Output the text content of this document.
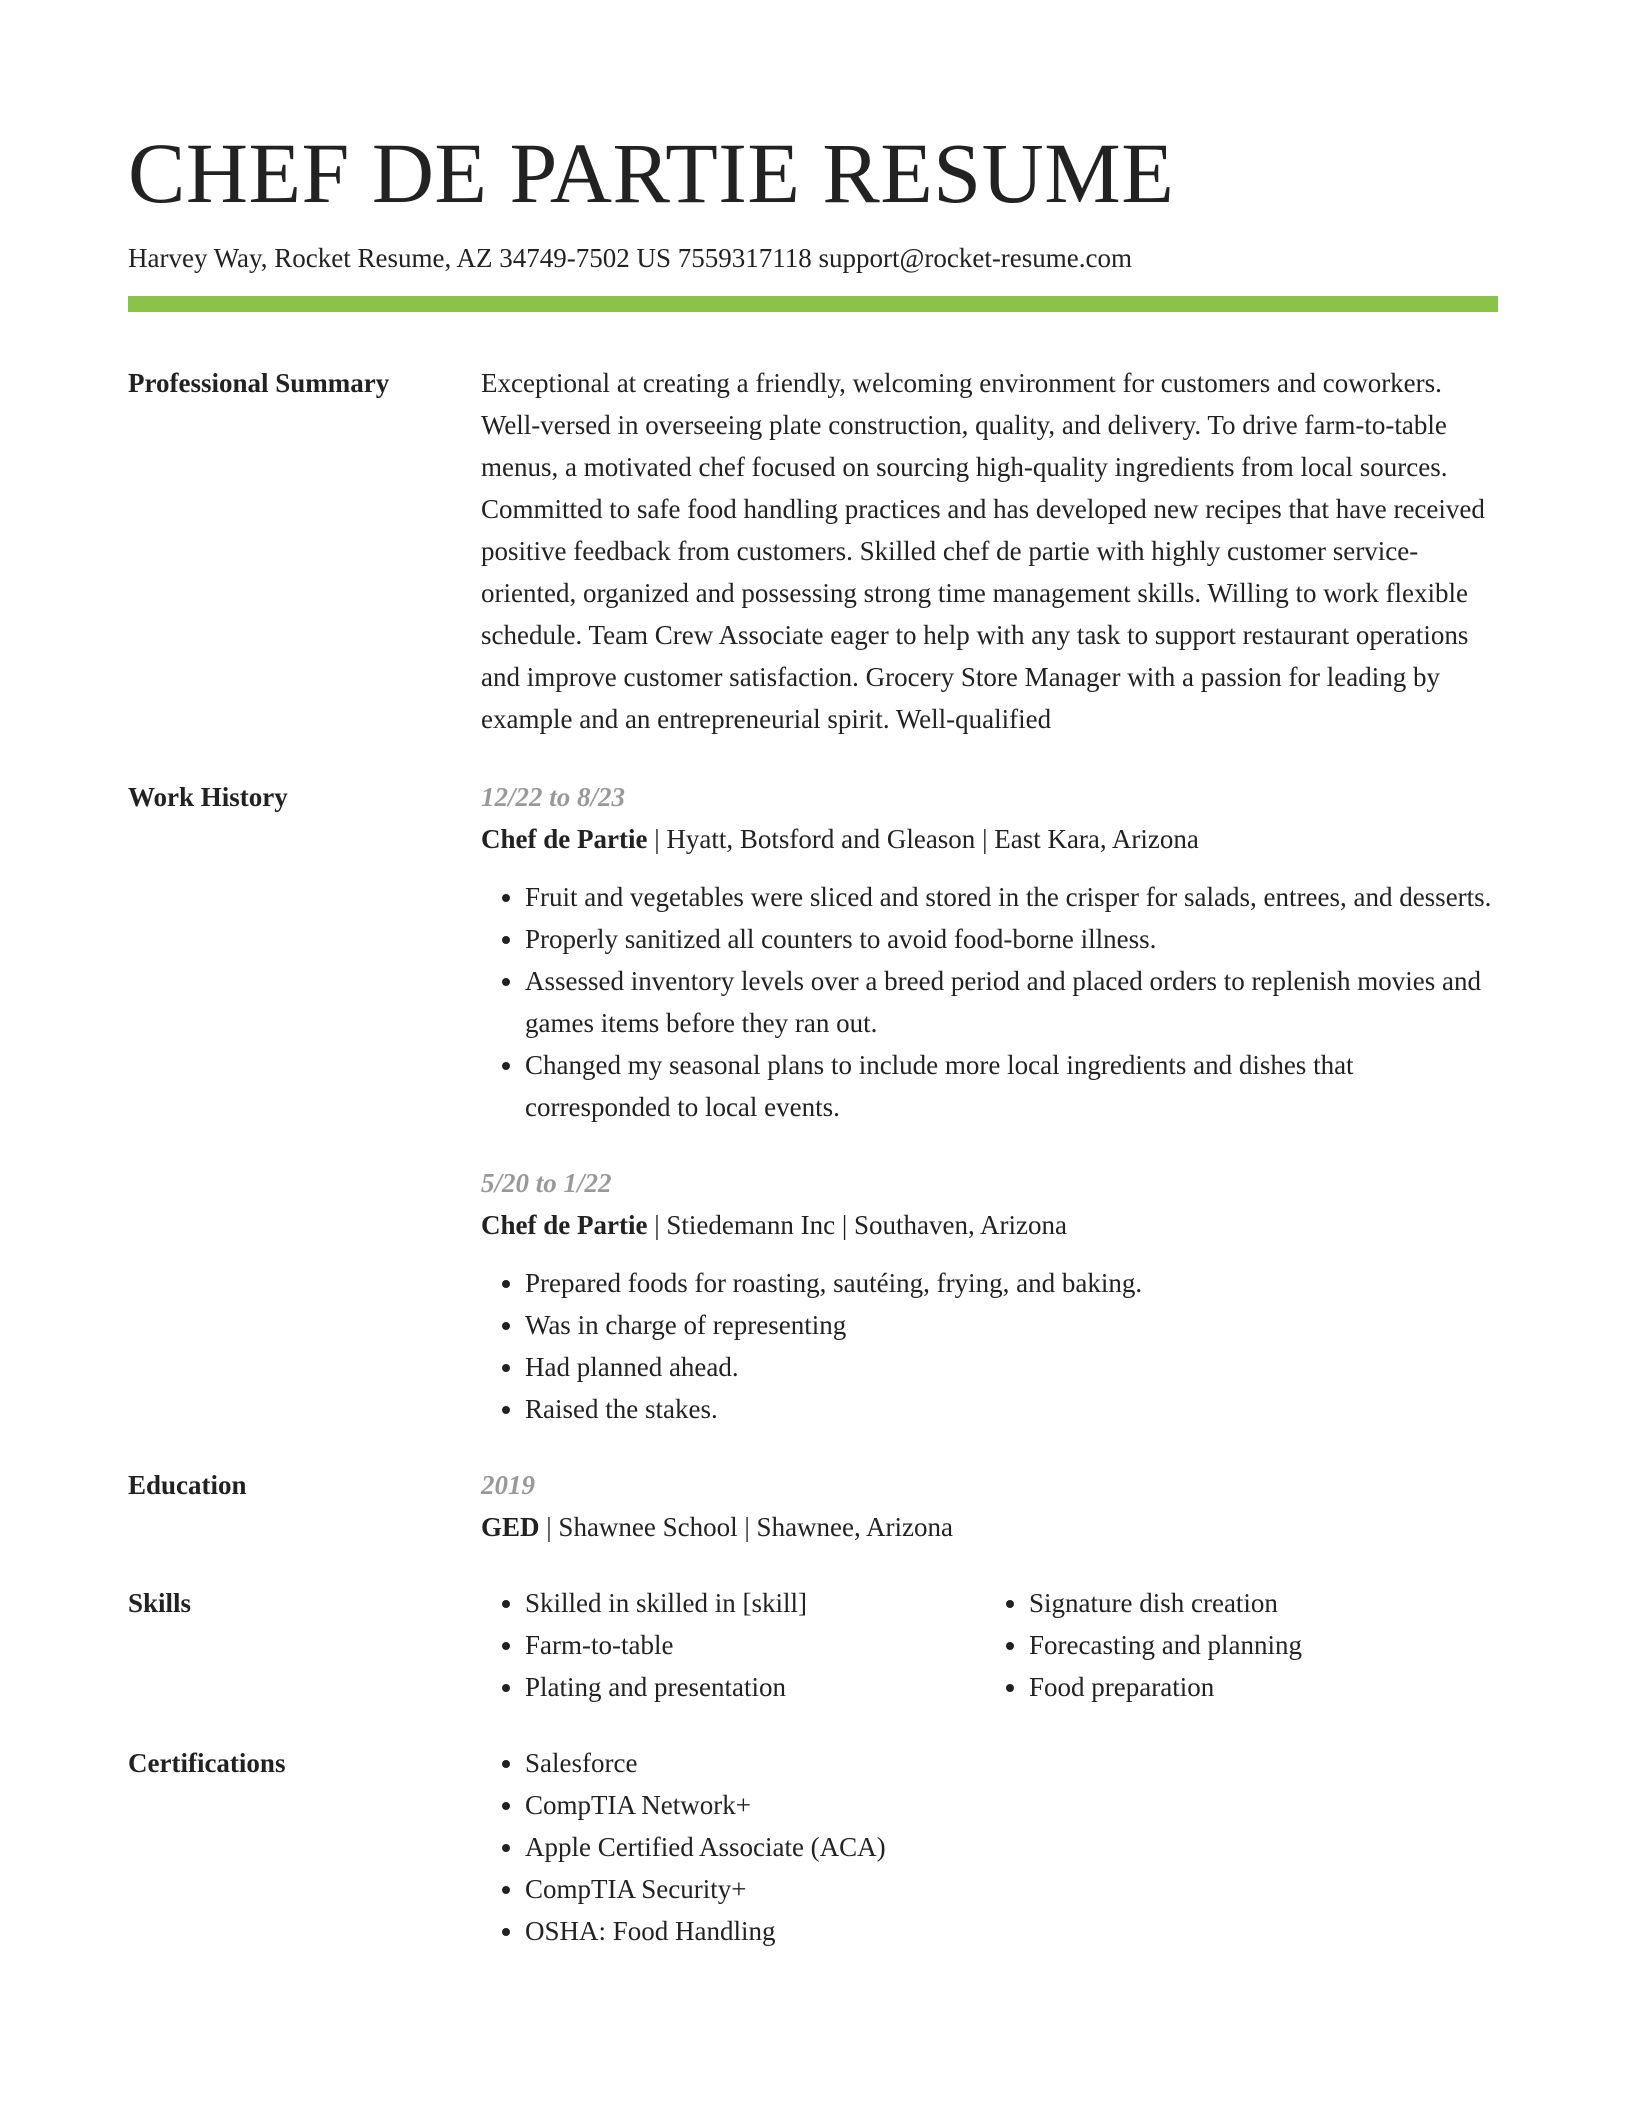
CHEF DE PARTIE RESUME
Harvey Way, Rocket Resume, AZ 34749-7502 US 7559317118 support@rocket-resume.com
Professional Summary	Exceptional at creating a friendly, welcoming environment for customers and coworkers. Well-versed in overseeing plate construction, quality, and delivery. To drive farm-to-table menus, a motivated chef focused on sourcing high-quality ingredients from local sources. Committed to safe food handling practices and has developed new recipes that have received positive feedback from customers. Skilled chef de partie with highly customer service-oriented, organized and possessing strong time management skills. Willing to work flexible schedule. Team Crew Associate eager to help with any task to support restaurant operations and improve customer satisfaction. Grocery Store Manager with a passion for leading by example and an entrepreneurial spirit. Well-qualified

Work History	12/22 to 8/23
Chef de Partie | Hyatt, Botsford and Gleason | East Kara, Arizona
• Fruit and vegetables were sliced and stored in the crisper for salads, entrees, and desserts.
• Properly sanitized all counters to avoid food-borne illness.
• Assessed inventory levels over a breed period and placed orders to replenish movies and games items before they ran out.
• Changed my seasonal plans to include more local ingredients and dishes that corresponded to local events.
5/20 to 1/22
Chef de Partie | Stiedemann Inc | Southaven, Arizona
• Prepared foods for roasting, sautéing, frying, and baking.
• Was in charge of representing
• Had planned ahead.
• Raised the stakes.
Education	2019
GED | Shawnee School | Shawnee, Arizona
Skills	• Skilled in skilled in [skill]
• Farm-to-table
• Plating and presentation
• Signature dish creation
• Forecasting and planning
• Food preparation
Certifications	• Salesforce
• CompTIA Network+
• Apple Certified Associate (ACA)
• CompTIA Security+
• OSHA: Food Handling
